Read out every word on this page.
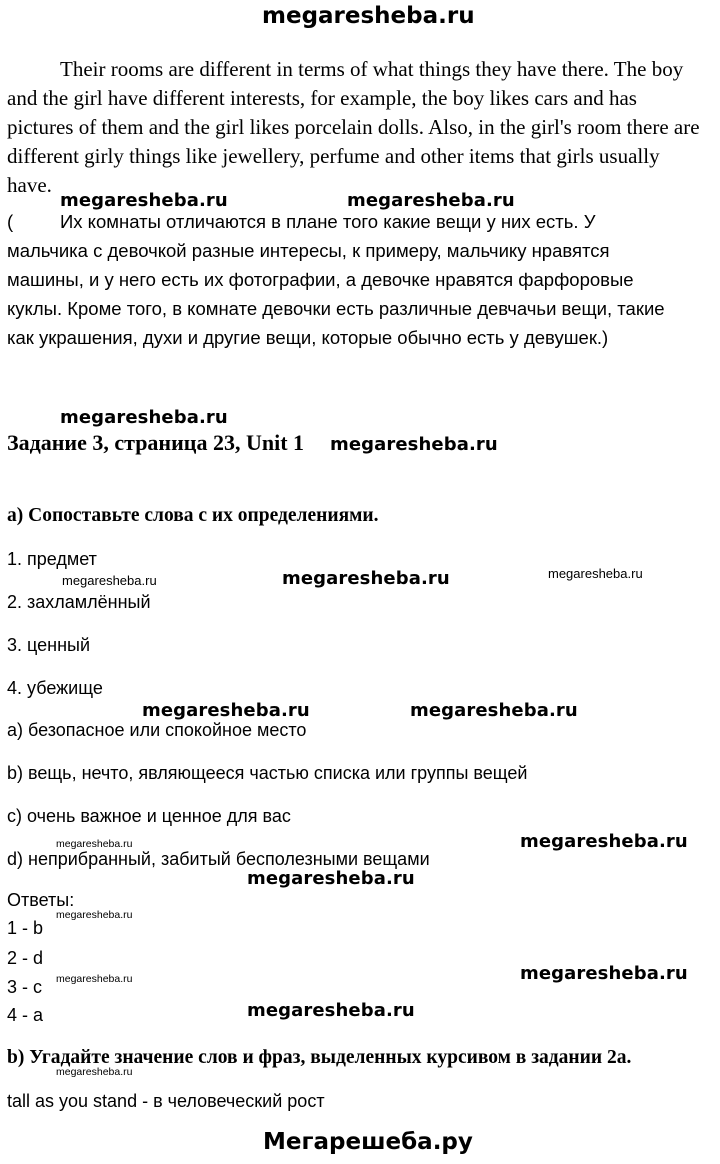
megaresheba.ru
Their rooms are different in terms of what things they have there. The boy
and the girl have different interests, for example, the boy likes cars and has
pictures of them and the girl likes porcelain dolls. Also, in the girl's room there are
different girly things like jewellery, perfume and other items that girls usually
have.
megaresheba.ru	megaresheba.ru
(	Их комнаты отличаются в плане того какие вещи у них есть. У
мальчика с девочкой разные интересы, к примеру, мальчику нравятся
машины, и у него есть их фотографии, а девочке нравятся фарфоровые
куклы. Кроме того, в комнате девочки есть различные девчачьи вещи, такие
как украшения, духи и другие вещи, которые обычно есть у девушек.)
megaresheba.ru
Задание 3, страница 23, Unit 1 megaresheba.ru
a) Сопоставьте слова с их определениями.
1. предмет
megaresheba.ru	megaresheba.ru	megaresheba.ru
2. захламлённый
3. ценный
4. убежище
megaresheba.ru	megaresheba.ru
a) безопасное или спокойное место
b) вещь, нечто, являющееся частью списка или группы вещей
c) очень важное и ценное для вас
megaresheba.ru	megaresheba.ru
d) неприбранный, забитый бесполезными вещами
megaresheba.ru
Ответы:
megaresheba.ru
1 - b
2 - d
megaresheba.ru
3 - c
megaresheba.ru
4 - a	megaresheba.ru
b) Угадайте значение слов и фраз, выделенных курсивом в задании 2a.
megaresheba.ru
tall as you stand - в человеческий рост
Мегарешеба.ру
